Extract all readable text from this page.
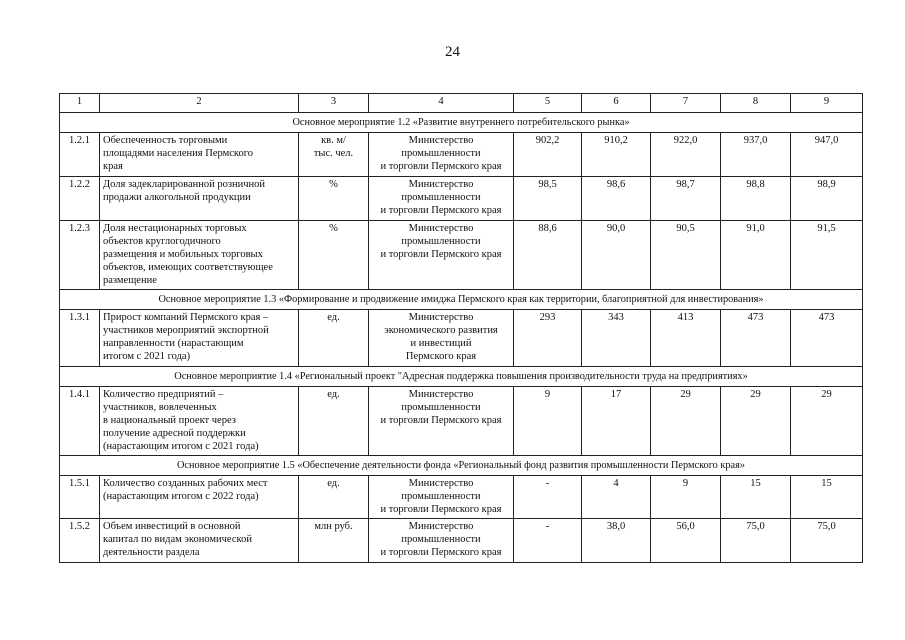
24
1	2	3	4	5	6	7	8	9
Основное мероприятие 1.2 «Развитие внутреннего потребительского рынка»								
1.2.1	Обеспеченность торговыми
площадями населения Пермского
края	кв. м/
тыс. чел.	Министерство
промышленности
и торговли Пермского края	902,2	910,2	922,0	937,0	947,0
1.2.2	Доля задекларированной розничной
продажи алкогольной продукции	%	Министерство
промышленности
и торговли Пермского края	98,5	98,6	98,7	98,8	98,9
1.2.3	Доля нестационарных торговых
объектов круглогодичного
размещения и мобильных торговых
объектов, имеющих соответствующее
размещение	%	Министерство
промышленности
и торговли Пермского края	88,6	90,0	90,5	91,0	91,5
Основное мероприятие 1.3 «Формирование и продвижение имиджа Пермского края как территории, благоприятной для инвестирования»								
1.3.1	Прирост компаний Пермского края –
участников мероприятий экспортной
направленности (нарастающим
итогом с 2021 года)	ед.	Министерство
экономического развития
и инвестиций
Пермского края	293	343	413	473	473
Основное мероприятие 1.4 «Региональный проект "Адресная поддержка повышения производительности труда на предприятиях»								
1.4.1	Количество предприятий –
участников, вовлеченных
в национальный проект через
получение адресной поддержки
(нарастающим итогом с 2021 года)	ед.	Министерство
промышленности
и торговли Пермского края	9	17	29	29	29
Основное мероприятие 1.5 «Обеспечение деятельности фонда «Региональный фонд развития промышленности Пермского края»								
1.5.1	Количество созданных рабочих мест
(нарастающим итогом с 2022 года)	ед.	Министерство
промышленности
и торговли Пермского края	-	4	9	15	15
1.5.2	Объем инвестиций в основной
капитал по видам экономической
деятельности раздела	млн руб.	Министерство
промышленности
и торговли Пермского края	-	38,0	56,0	75,0	75,0
